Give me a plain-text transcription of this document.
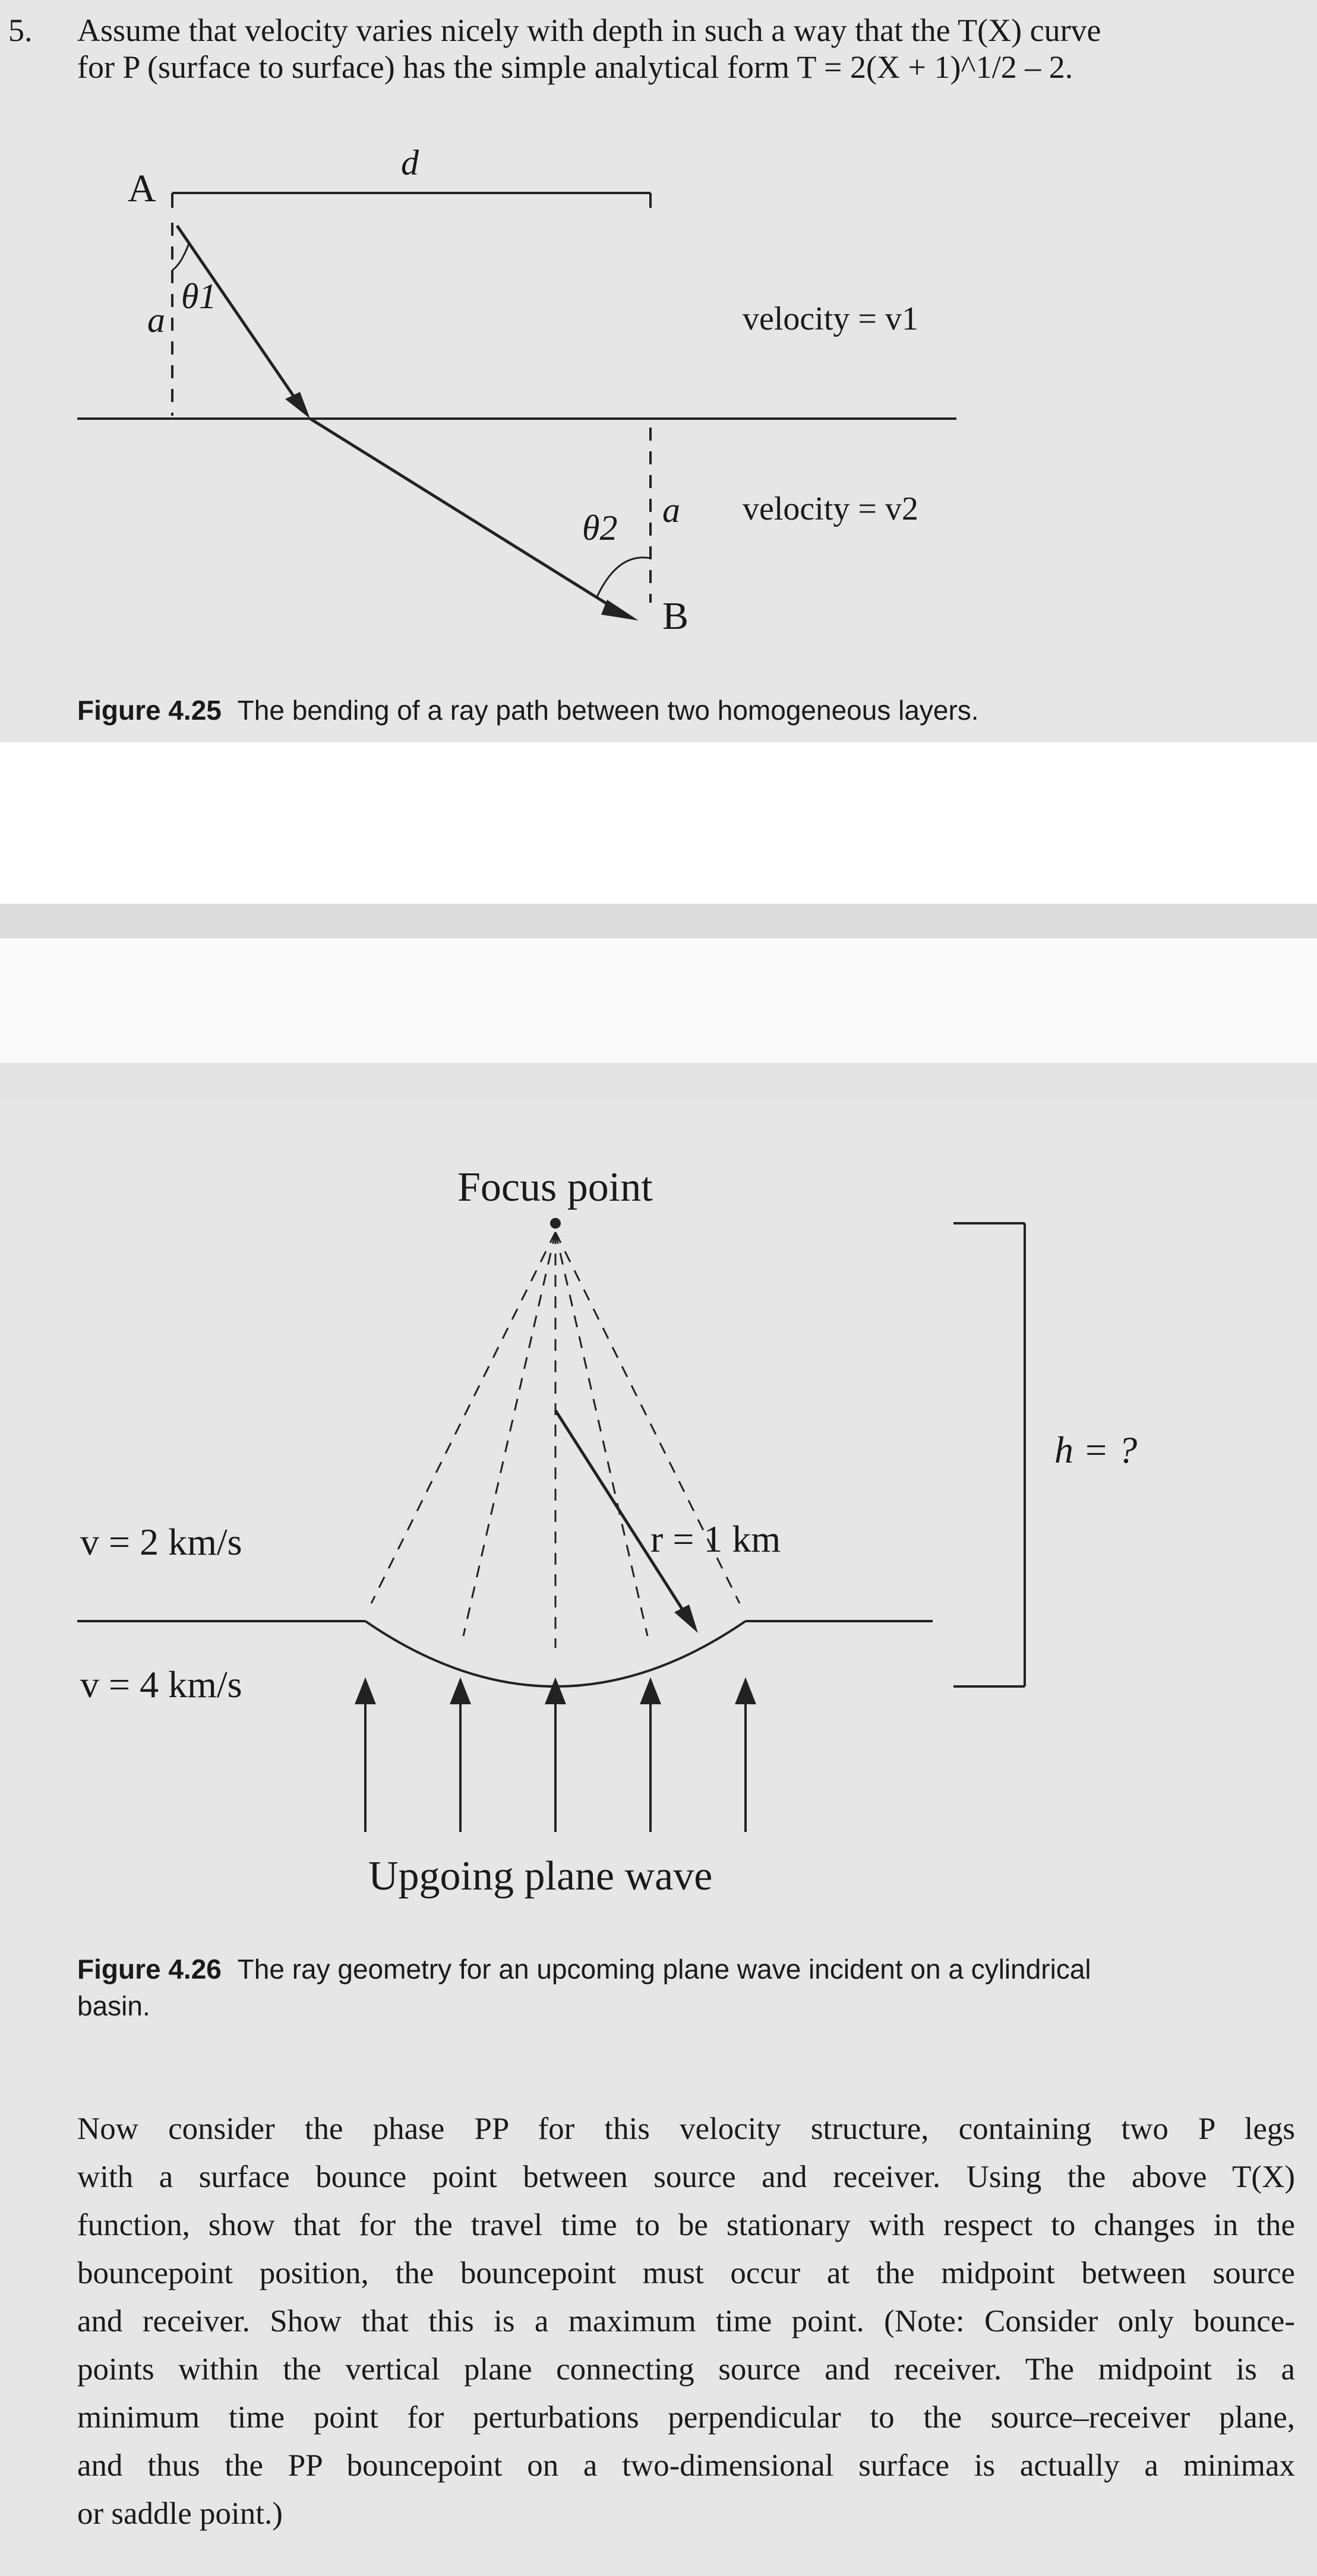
5. Assume that velocity varies nicely with depth in such a way that the T(X) curve
for P (surface to surface) has the simple analytical form T = 2(X + 1)^1/2 – 2.
A
d
a
θ1
velocity = v1
θ2 a velocity = v2
B
Figure 4.25 The bending of a ray path between two homogeneous layers.
Focus point
h = ?
v = 2 km/s
v = 4 km/s
r = 1 km
Upgoing plane wave
Figure 4.26 The ray geometry for an upcoming plane wave incident on a cylindrical
basin.
Now consider the phase PP for this velocity structure, containing two P legs
with a surface bounce point between source and receiver. Using the above T(X)
function, show that for the travel time to be stationary with respect to changes in the
bouncepoint position, the bouncepoint must occur at the midpoint between source
and receiver. Show that this is a maximum time point. (Note: Consider only bounce-
points within the vertical plane connecting source and receiver. The midpoint is a
minimum time point for perturbations perpendicular to the source–receiver plane,
and thus the PP bouncepoint on a two-dimensional surface is actually a minimax
or saddle point.)
